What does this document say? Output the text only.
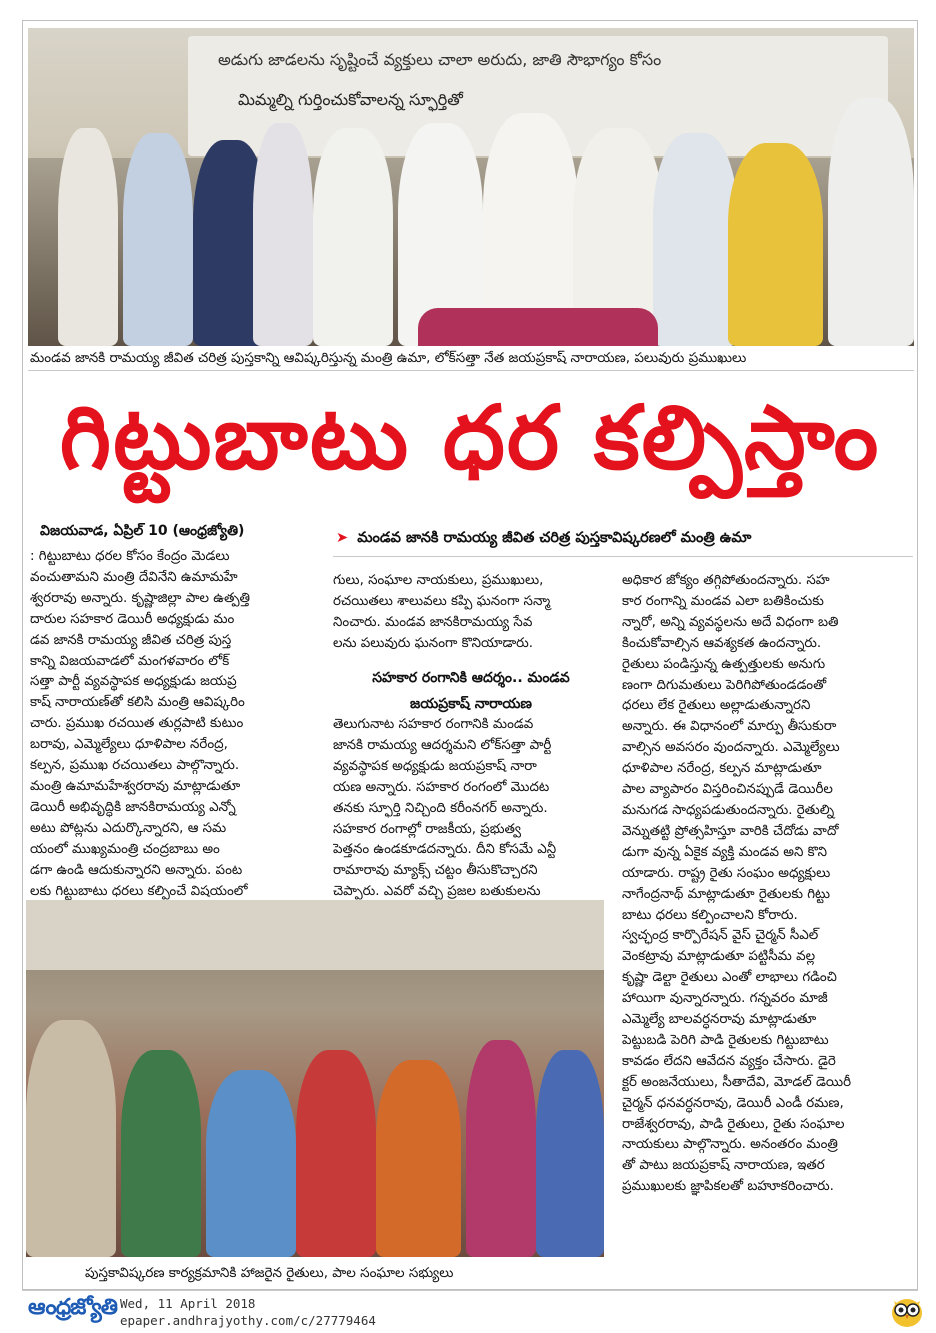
అడుగు జాడలను సృష్టించే వ్యక్తులు చాలా అరుదు, జాతి సౌభాగ్యం కోసం
మిమ్మల్ని గుర్తించుకోవాలన్న స్ఫూర్తితో
మండవ జానకి రామయ్య జీవిత చరిత్ర పుస్తకాన్ని ఆవిష్కరిస్తున్న మంత్రి ఉమా, లోక్‌సత్తా నేత జయప్రకాష్ నారాయణ, పలువురు ప్రముఖులు
గిట్టుబాటు ధర కల్పిస్తాం
విజయవాడ, ఏప్రిల్ 10 (ఆంధ్రజ్యోతి)	➤ మండవ జానకి రామయ్య జీవిత చరిత్ర పుస్తకావిష్కరణలో మంత్రి ఉమా
: గిట్టుబాటు ధరల కోసం కేంద్రం మెడలు
వంచుతామని మంత్రి దేవినేని ఉమామహే
శ్వరరావు అన్నారు. కృష్ణాజిల్లా పాల ఉత్పత్తి
దారుల సహకార డెయిరీ అధ్యక్షుడు మం
డవ జానకి రామయ్య జీవిత చరిత్ర పుస్త
కాన్ని విజయవాడలో మంగళవారం లోక్
సత్తా పార్టీ వ్యవస్థాపక అధ్యక్షుడు జయప్ర
కాష్ నారాయణ్‌తో కలిసి మంత్రి ఆవిష్కరిం
చారు. ప్రముఖ రచయిత తుర్లపాటి కుటుం
బరావు, ఎమ్మెల్యేలు ధూళిపాల నరేంద్ర,
కల్పన, ప్రముఖ రచయితలు పాల్గొన్నారు.
మంత్రి ఉమామహేశ్వరరావు మాట్లాడుతూ
డెయిరీ అభివృద్ధికి జానకిరామయ్య ఎన్నో
అటు పోట్లను ఎదుర్కొన్నారని, ఆ సమ
యంలో ముఖ్యమంత్రి చంద్రబాబు అం
డగా ఉండి ఆదుకున్నారని అన్నారు. పంట
లకు గిట్టుబాటు ధరలు కల్పించే విషయంలో
గులు, సంఘాల నాయకులు, ప్రముఖులు,
రచయితలు శాలువలు కప్పి ఘనంగా సన్మా
నించారు. మండవ జానకిరామయ్య సేవ
లను పలువురు ఘనంగా కొనియాడారు.
సహకార రంగానికి ఆదర్శం.. మండవ
జయప్రకాష్ నారాయణ
తెలుగునాట సహకార రంగానికి మండవ
జానకి రామయ్య ఆదర్శమని లోక్‌సత్తా పార్టీ
వ్యవస్థాపక అధ్యక్షుడు జయప్రకాష్ నారా
యణ అన్నారు. సహకార రంగంలో మొదట
తనకు స్ఫూర్తి నిచ్చింది కరీంనగర్ అన్నారు.
సహకార రంగాల్లో రాజకీయ, ప్రభుత్వ
పెత్తనం ఉండకూడదన్నారు. దీని కోసమే ఎన్టీ
రామారావు మ్యాక్స్ చట్టం తీసుకొచ్చారని
చెప్పారు. ఎవరో వచ్చి ప్రజల బతుకులను
అధికార జోక్యం తగ్గిపోతుందన్నారు. సహ
కార రంగాన్ని మండవ ఎలా బతికించుకు
న్నారో, అన్ని వ్యవస్థలను అదే విధంగా బతి
కించుకోవాల్సిన ఆవశ్యకత ఉందన్నారు.
రైతులు పండిస్తున్న ఉత్పత్తులకు అనుగు
ణంగా దిగుమతులు పెరిగిపోతుండడంతో
ధరలు లేక రైతులు అల్లాడుతున్నారని
అన్నారు. ఈ విధానంలో మార్పు తీసుకురా
వాల్సిన అవసరం వుందన్నారు. ఎమ్మెల్యేలు
ధూళిపాల నరేంద్ర, కల్పన మాట్లాడుతూ
పాల వ్యాపారం విస్తరించినప్పుడే డెయిరీల
మనుగడ సాధ్యపడుతుందన్నారు. రైతుల్ని
వెన్నుతట్టి ప్రోత్సహిస్తూ వారికి చేదోడు వాదో
డుగా వున్న ఏకైక వ్యక్తి మండవ అని కొని
యాడారు. రాష్ట్ర రైతు సంఘం అధ్యక్షులు
నాగేంద్రనాథ్ మాట్లాడుతూ రైతులకు గిట్టు
బాటు ధరలు కల్పించాలని కోరారు.
స్వచ్ఛంద్ర కార్పొరేషన్ వైస్ చైర్మన్ సీఎల్
వెంకట్రావు మాట్లాడుతూ పట్టిసీమ వల్ల
కృష్ణా డెల్టా రైతులు ఎంతో లాభాలు గడించి
హాయిగా వున్నారన్నారు. గన్నవరం మాజీ
ఎమ్మెల్యే బాలవర్ధనరావు మాట్లాడుతూ
పెట్టుబడి పెరిగి పాడి రైతులకు గిట్టుబాటు
కావడం లేదని ఆవేదన వ్యక్తం చేసారు. డైరె
క్టర్ అంజనేయులు, సీతాదేవి, మోడల్ డెయిరీ
చైర్మన్ ధనవర్ధనరావు, డెయిరీ ఎండీ రమణ,
రాజేశ్వరరావు, పాడి రైతులు, రైతు సంఘాల
నాయకులు పాల్గొన్నారు. అనంతరం మంత్రి
తో పాటు జయప్రకాష్ నారాయణ, ఇతర
ప్రముఖులకు జ్ఞాపికలతో బహూకరించారు.
పుస్తకావిష్కరణ కార్యక్రమానికి హాజరైన రైతులు, పాల సంఘాల సభ్యులు
ఆంధ్రజ్యోతి Wed, 11 April 2018
epaper.andhrajyothy.com/c/27779464
